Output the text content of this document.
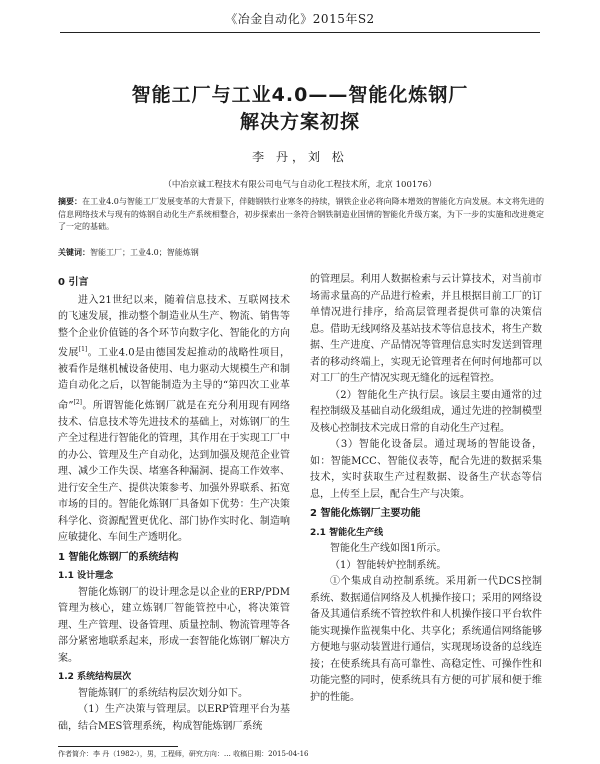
《冶金自动化》2015年S2
智能工厂与工业4.0——智能化炼钢厂
解决方案初探
李 丹，刘 松
（中冶京诚工程技术有限公司电气与自动化工程技术所，北京 100176）
摘要：在工业4.0与智能工厂发展变革的大背景下，伴随钢铁行业寒冬的持续，钢铁企业必将向降本增效的智能化方向发展。本文将先进的信息网络技术与现有的炼钢自动化生产系统相整合，初步探索出一条符合钢铁制造业国情的智能化升级方案，为下一步的实施和改进奠定了一定的基础。
关键词：智能工厂；工业4.0；智能炼钢
0 引言

进入21世纪以来，随着信息技术、互联网技术的飞速发展，推动整个制造业从生产、物流、销售等整个企业价值链的各个环节向数字化、智能化的方向发展[1]。工业4.0是由德国发起推动的战略性项目，被看作是继机械设备使用、电力驱动大规模生产和制造自动化之后，以智能制造为主导的“第四次工业革命”[2]。所谓智能化炼钢厂就是在充分利用现有网络技术、信息技术等先进技术的基础上，对炼钢厂的生产全过程进行智能化的管理，其作用在于实现工厂中的办公、管理及生产自动化，达到加强及规范企业管理、减少工作失误、堵塞各种漏洞、提高工作效率、进行安全生产、提供决策参考、加强外界联系、拓宽市场的目的。智能化炼钢厂具备如下优势：生产决策科学化、资源配置更优化、部门协作实时化、制造响应敏捷化、车间生产透明化。

1 智能化炼钢厂的系统结构
1.1 设计理念

智能化炼钢厂的设计理念是以企业的ERP/PDM管理为核心，建立炼钢厂智能管控中心，将决策管理、生产管理、设备管理、质量控制、物流管理等各部分紧密地联系起来，形成一套智能化炼钢厂解决方案。

1.2 系统结构层次

智能炼钢厂的系统结构层次划分如下。

（1）生产决策与管理层。以ERP管理平台为基础，结合MES管理系统，构成智能炼钢厂系统

的管理层。利用人数据检索与云计算技术，对当前市场需求量高的产品进行检索，并且根据目前工厂的订单情况进行排序，给高层管理者提供可靠的决策信息。借助无线网络及基站技术等信息技术，将生产数据、生产进度、产品情况等管理信息实时发送到管理者的移动终端上，实现无论管理者在何时何地都可以对工厂的生产情况实现无缝化的远程管控。

（2）智能化生产执行层。该层主要由通常的过程控制级及基础自动化级组成，通过先进的控制模型及核心控制技术完成日常的自动化生产过程。

（3）智能化设备层。通过现场的智能设备，如：智能MCC、智能仪表等，配合先进的数据采集技术，实时获取生产过程数据、设备生产状态等信息，上传至上层，配合生产与决策。

2 智能化炼钢厂主要功能
2.1 智能化生产线

智能化生产线如图1所示。

（1）智能转炉控制系统。

①个集成自动控制系统。采用新一代DCS控制系统、数据通信网络及人机操作接口；采用的网络设备及其通信系统不管控软件和人机操作接口平台软件能实现操作监视集中化、共享化；系统通信网络能够方便地与驱动装置进行通信，实现现场设备的总线连接；在使系统具有高可靠性、高稳定性、可操作性和功能完整的同时，使系统具有方便的可扩展和便于维护的性能。

作者简介：李 丹（1982-），男，工程师，研究方向：… 收稿日期：2015-04-16
